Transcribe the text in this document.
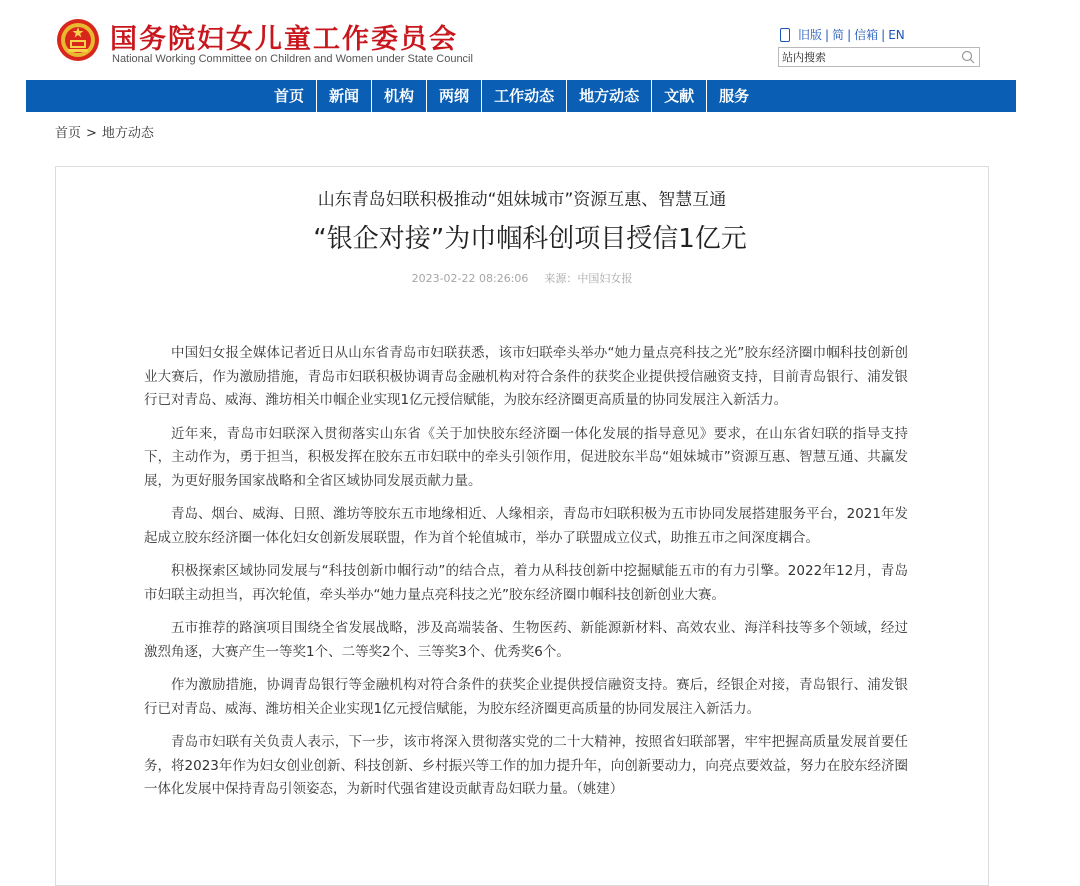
国务院妇女儿童工作委员会
National Working Committee on Children and Women under State Council
旧版 | 简 | 信箱 | EN
站内搜索
首页	新闻	机构	两纲	工作动态	地方动态	文献	服务
首页 > 地方动态
山东青岛妇联积极推动“姐妹城市”资源互惠、智慧互通
“银企对接”为巾帼科创项目授信1亿元
2023-02-22 08:26:06 来源：中国妇女报

中国妇女报全媒体记者近日从山东省青岛市妇联获悉，该市妇联牵头举办“她力量点亮科技之光”胶东经济圈巾帼科技创新创业大赛后，作为激励措施，青岛市妇联积极协调青岛金融机构对符合条件的获奖企业提供授信融资支持，目前青岛银行、浦发银行已对青岛、威海、潍坊相关巾帼企业实现1亿元授信赋能，为胶东经济圈更高质量的协同发展注入新活力。

近年来，青岛市妇联深入贯彻落实山东省《关于加快胶东经济圈一体化发展的指导意见》要求，在山东省妇联的指导支持下，主动作为，勇于担当，积极发挥在胶东五市妇联中的牵头引领作用，促进胶东半岛“姐妹城市”资源互惠、智慧互通、共赢发展，为更好服务国家战略和全省区域协同发展贡献力量。

青岛、烟台、威海、日照、潍坊等胶东五市地缘相近、人缘相亲，青岛市妇联积极为五市协同发展搭建服务平台，2021年发起成立胶东经济圈一体化妇女创新发展联盟，作为首个轮值城市，举办了联盟成立仪式，助推五市之间深度耦合。

积极探索区域协同发展与“科技创新巾帼行动”的结合点，着力从科技创新中挖掘赋能五市的有力引擎。2022年12月，青岛市妇联主动担当，再次轮值，牵头举办“她力量点亮科技之光”胶东经济圈巾帼科技创新创业大赛。

五市推荐的路演项目围绕全省发展战略，涉及高端装备、生物医药、新能源新材料、高效农业、海洋科技等多个领域，经过激烈角逐，大赛产生一等奖1个、二等奖2个、三等奖3个、优秀奖6个。

作为激励措施，协调青岛银行等金融机构对符合条件的获奖企业提供授信融资支持。赛后，经银企对接，青岛银行、浦发银行已对青岛、威海、潍坊相关企业实现1亿元授信赋能，为胶东经济圈更高质量的协同发展注入新活力。

青岛市妇联有关负责人表示，下一步，该市将深入贯彻落实党的二十大精神，按照省妇联部署，牢牢把握高质量发展首要任务，将2023年作为妇女创业创新、科技创新、乡村振兴等工作的加力提升年，向创新要动力，向亮点要效益，努力在胶东经济圈一体化发展中保持青岛引领姿态，为新时代强省建设贡献青岛妇联力量。（姚建）
